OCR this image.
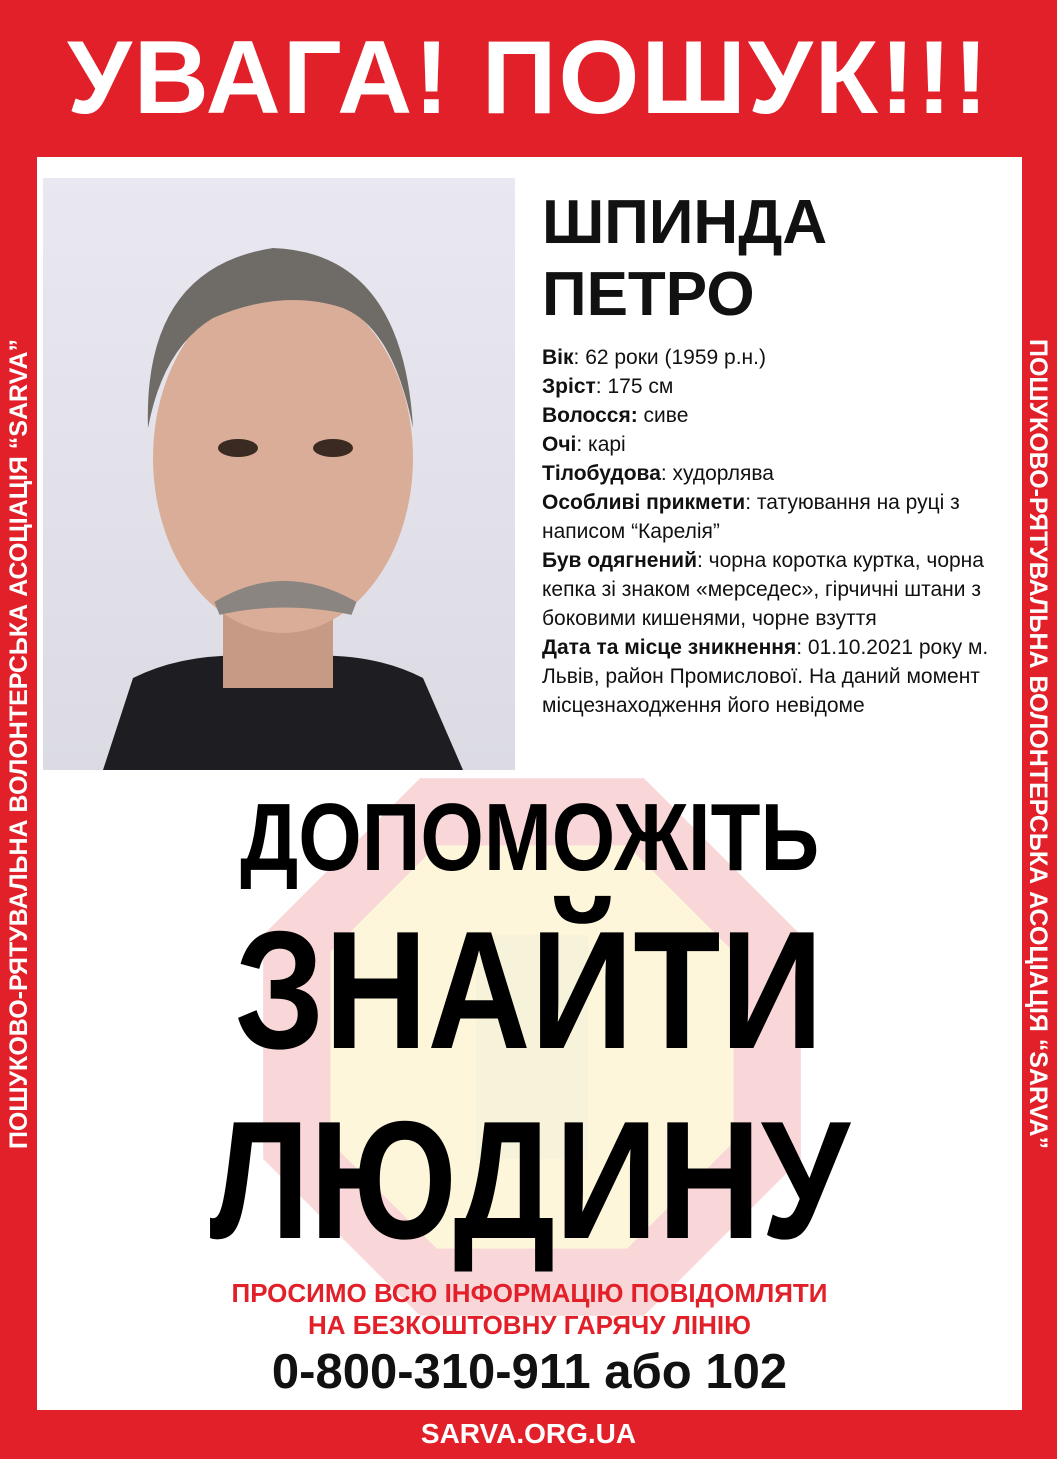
УВАГА! ПОШУК!!!
ПОШУКОВО-РЯТУВАЛЬНА ВОЛОНТЕРСЬКА АСОЦІАЦІЯ “SARVA”	ПОШУКОВО-РЯТУВАЛЬНА ВОЛОНТЕРСЬКА АСОЦІАЦІЯ “SARVA”
ШПИНДА
ПЕТРО
Вік: 62 роки (1959 р.н.)
Зріст: 175 см
Волосся: сиве
Очі: карі
Тілобудова: худорлява
Особливі прикмети: татуювання на руці з написом “Карелія”
Був одягнений: чорна коротка куртка, чорна кепка зі знаком «мерседес», гірчичні штани з боковими кишенями, чорне взуття
Дата та місце зникнення: 01.10.2021 року м. Львів, район Промислової. На даний момент місцезнаходження його невідоме
ДОПОМОЖІТЬ
ЗНАЙТИ
ЛЮДИНУ
ПРОСИМО ВСЮ ІНФОРМАЦІЮ ПОВІДОМЛЯТИ
НА БЕЗКОШТОВНУ ГАРЯЧУ ЛІНІЮ
0-800-310-911 або 102
SARVA.ORG.UA
